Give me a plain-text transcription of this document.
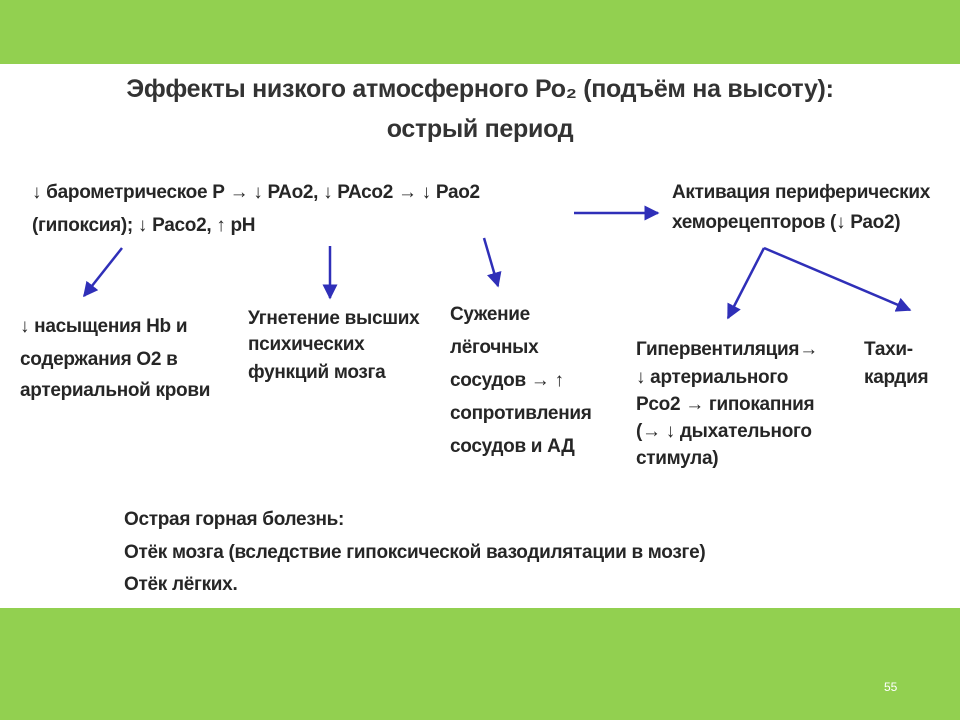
Эффекты низкого атмосферного Ро₂ (подъём на высоту):
острый период
↓ барометрическое Р → ↓ РАо2, ↓ РАсо2 → ↓ Рао2
(гипоксия); ↓ Расо2, ↑ рН
Активация периферических
хеморецепторов (↓ Рао2)
↓ насыщения Hb и
содержания O2 в
артериальной крови
Угнетение высших
психических
функций мозга
Сужение
лёгочных
сосудов → ↑
сопротивления
сосудов и АД
Гипервентиляция→
↓ артериального
Рсо2 → гипокапния
(→ ↓ дыхательного
стимула)
Тахи-
кардия
Острая горная болезнь:
Отёк мозга (вследствие гипоксической вазодилятации в мозге)
Отёк лёгких.
55
